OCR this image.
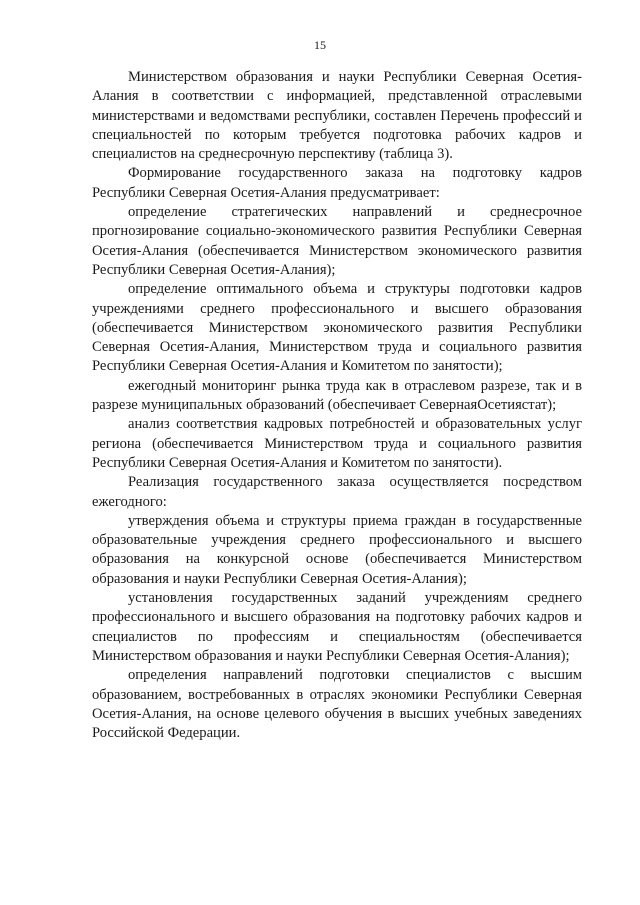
15

Министерством образования и науки Республики Северная Осетия-Алания в соответствии с информацией, представленной отраслевыми министерствами и ведомствами республики, составлен Перечень профессий и специальностей по которым требуется подготовка рабочих кадров и специалистов на среднесрочную перспективу (таблица 3).

Формирование государственного заказа на подготовку кадров Республики Северная Осетия-Алания предусматривает:

определение стратегических направлений и среднесрочное прогнозирование социально-экономического развития Республики Северная Осетия-Алания (обеспечивается Министерством экономического развития Республики Северная Осетия-Алания);

определение оптимального объема и структуры подготовки кадров учреждениями среднего профессионального и высшего образования (обеспечивается Министерством экономического развития Республики Северная Осетия-Алания, Министерством труда и социального развития Республики Северная Осетия-Алания и Комитетом по занятости);

ежегодный мониторинг рынка труда как в отраслевом разрезе, так и в разрезе муниципальных образований (обеспечивает СевернаяОсетиястат);

анализ соответствия кадровых потребностей и образовательных услуг региона (обеспечивается Министерством труда и социального развития Республики Северная Осетия-Алания и Комитетом по занятости).

Реализация государственного заказа осуществляется посредством ежегодного:

утверждения объема и структуры приема граждан в государственные образовательные учреждения среднего профессионального и высшего образования на конкурсной основе (обеспечивается Министерством образования и науки Республики Северная Осетия-Алания);

установления государственных заданий учреждениям среднего профессионального и высшего образования на подготовку рабочих кадров и специалистов по профессиям и специальностям (обеспечивается Министерством образования и науки Республики Северная Осетия-Алания);

определения направлений подготовки специалистов с высшим образованием, востребованных в отраслях экономики Республики Северная Осетия-Алания, на основе целевого обучения в высших учебных заведениях Российской Федерации.
